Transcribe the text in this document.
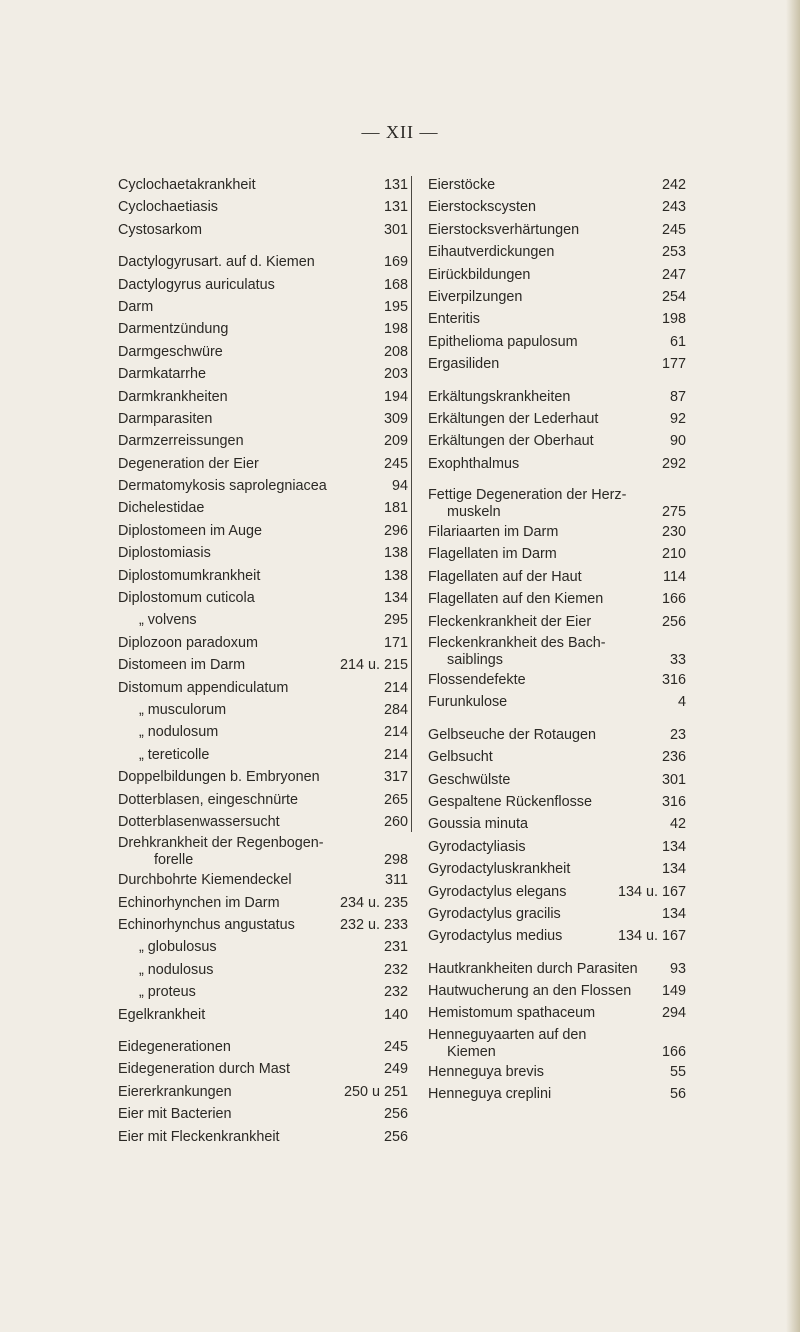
— XII —
Cyclochaetakrankheit	131
Cyclochaetiasis	131
Cystosarkom	301
Dactylogyrusart. auf d. Kiemen	169
Dactylogyrus auriculatus	168
Darm	195
Darmentzündung	198
Darmgeschwüre	208
Darmkatarrhe	203
Darmkrankheiten	194
Darmparasiten	309
Darmzerreissungen	209
Degeneration der Eier	245
Dermatomykosis saprolegniacea	94
Dichelestidae	181
Diplostomeen im Auge	296
Diplostomiasis	138
Diplostomumkrankheit	138
Diplostomum cuticola	134
„ volvens	295
Diplozoon paradoxum	171
Distomeen im Darm	214 u. 215
Distomum appendiculatum	214
„ musculorum	284
„ nodulosum	214
„ tereticolle	214
Doppelbildungen b. Embryonen	317
Dotterblasen, eingeschnürte	265
Dotterblasenwassersucht	260
Drehkrankheit der Regenbogen-
forelle	298
Durchbohrte Kiemendeckel	311
Echinorhynchen im Darm	234 u. 235
Echinorhynchus angustatus	232 u. 233
„ globulosus	231
„ nodulosus	232
„ proteus	232
Egelkrankheit	140
Eidegenerationen	245
Eidegeneration durch Mast	249
Eiererkrankungen	250 u 251
Eier mit Bacterien	256
Eier mit Fleckenkrankheit	256
Eierstöcke	242
Eierstockscysten	243
Eierstocksverhärtungen	245
Eihautverdickungen	253
Eirückbildungen	247
Eiverpilzungen	254
Enteritis	198
Epithelioma papulosum	61
Ergasiliden	177
Erkältungskrankheiten	87
Erkältungen der Lederhaut	92
Erkältungen der Oberhaut	90
Exophthalmus	292
Fettige Degeneration der Herz-
muskeln	275
Filariaarten im Darm	230
Flagellaten im Darm	210
Flagellaten auf der Haut	114
Flagellaten auf den Kiemen	166
Fleckenkrankheit der Eier	256
Fleckenkrankheit des Bach-
saiblings	33
Flossendefekte	316
Furunkulose	4
Gelbseuche der Rotaugen	23
Gelbsucht	236
Geschwülste	301
Gespaltene Rückenflosse	316
Goussia minuta	42
Gyrodactyliasis	134
Gyrodactyluskrankheit	134
Gyrodactylus elegans	134 u. 167
Gyrodactylus gracilis	134
Gyrodactylus medius	134 u. 167
Hautkrankheiten durch Parasiten	93
Hautwucherung an den Flossen	149
Hemistomum spathaceum	294
Henneguyaarten auf den
Kiemen	166
Henneguya brevis	55
Henneguya creplini	56
